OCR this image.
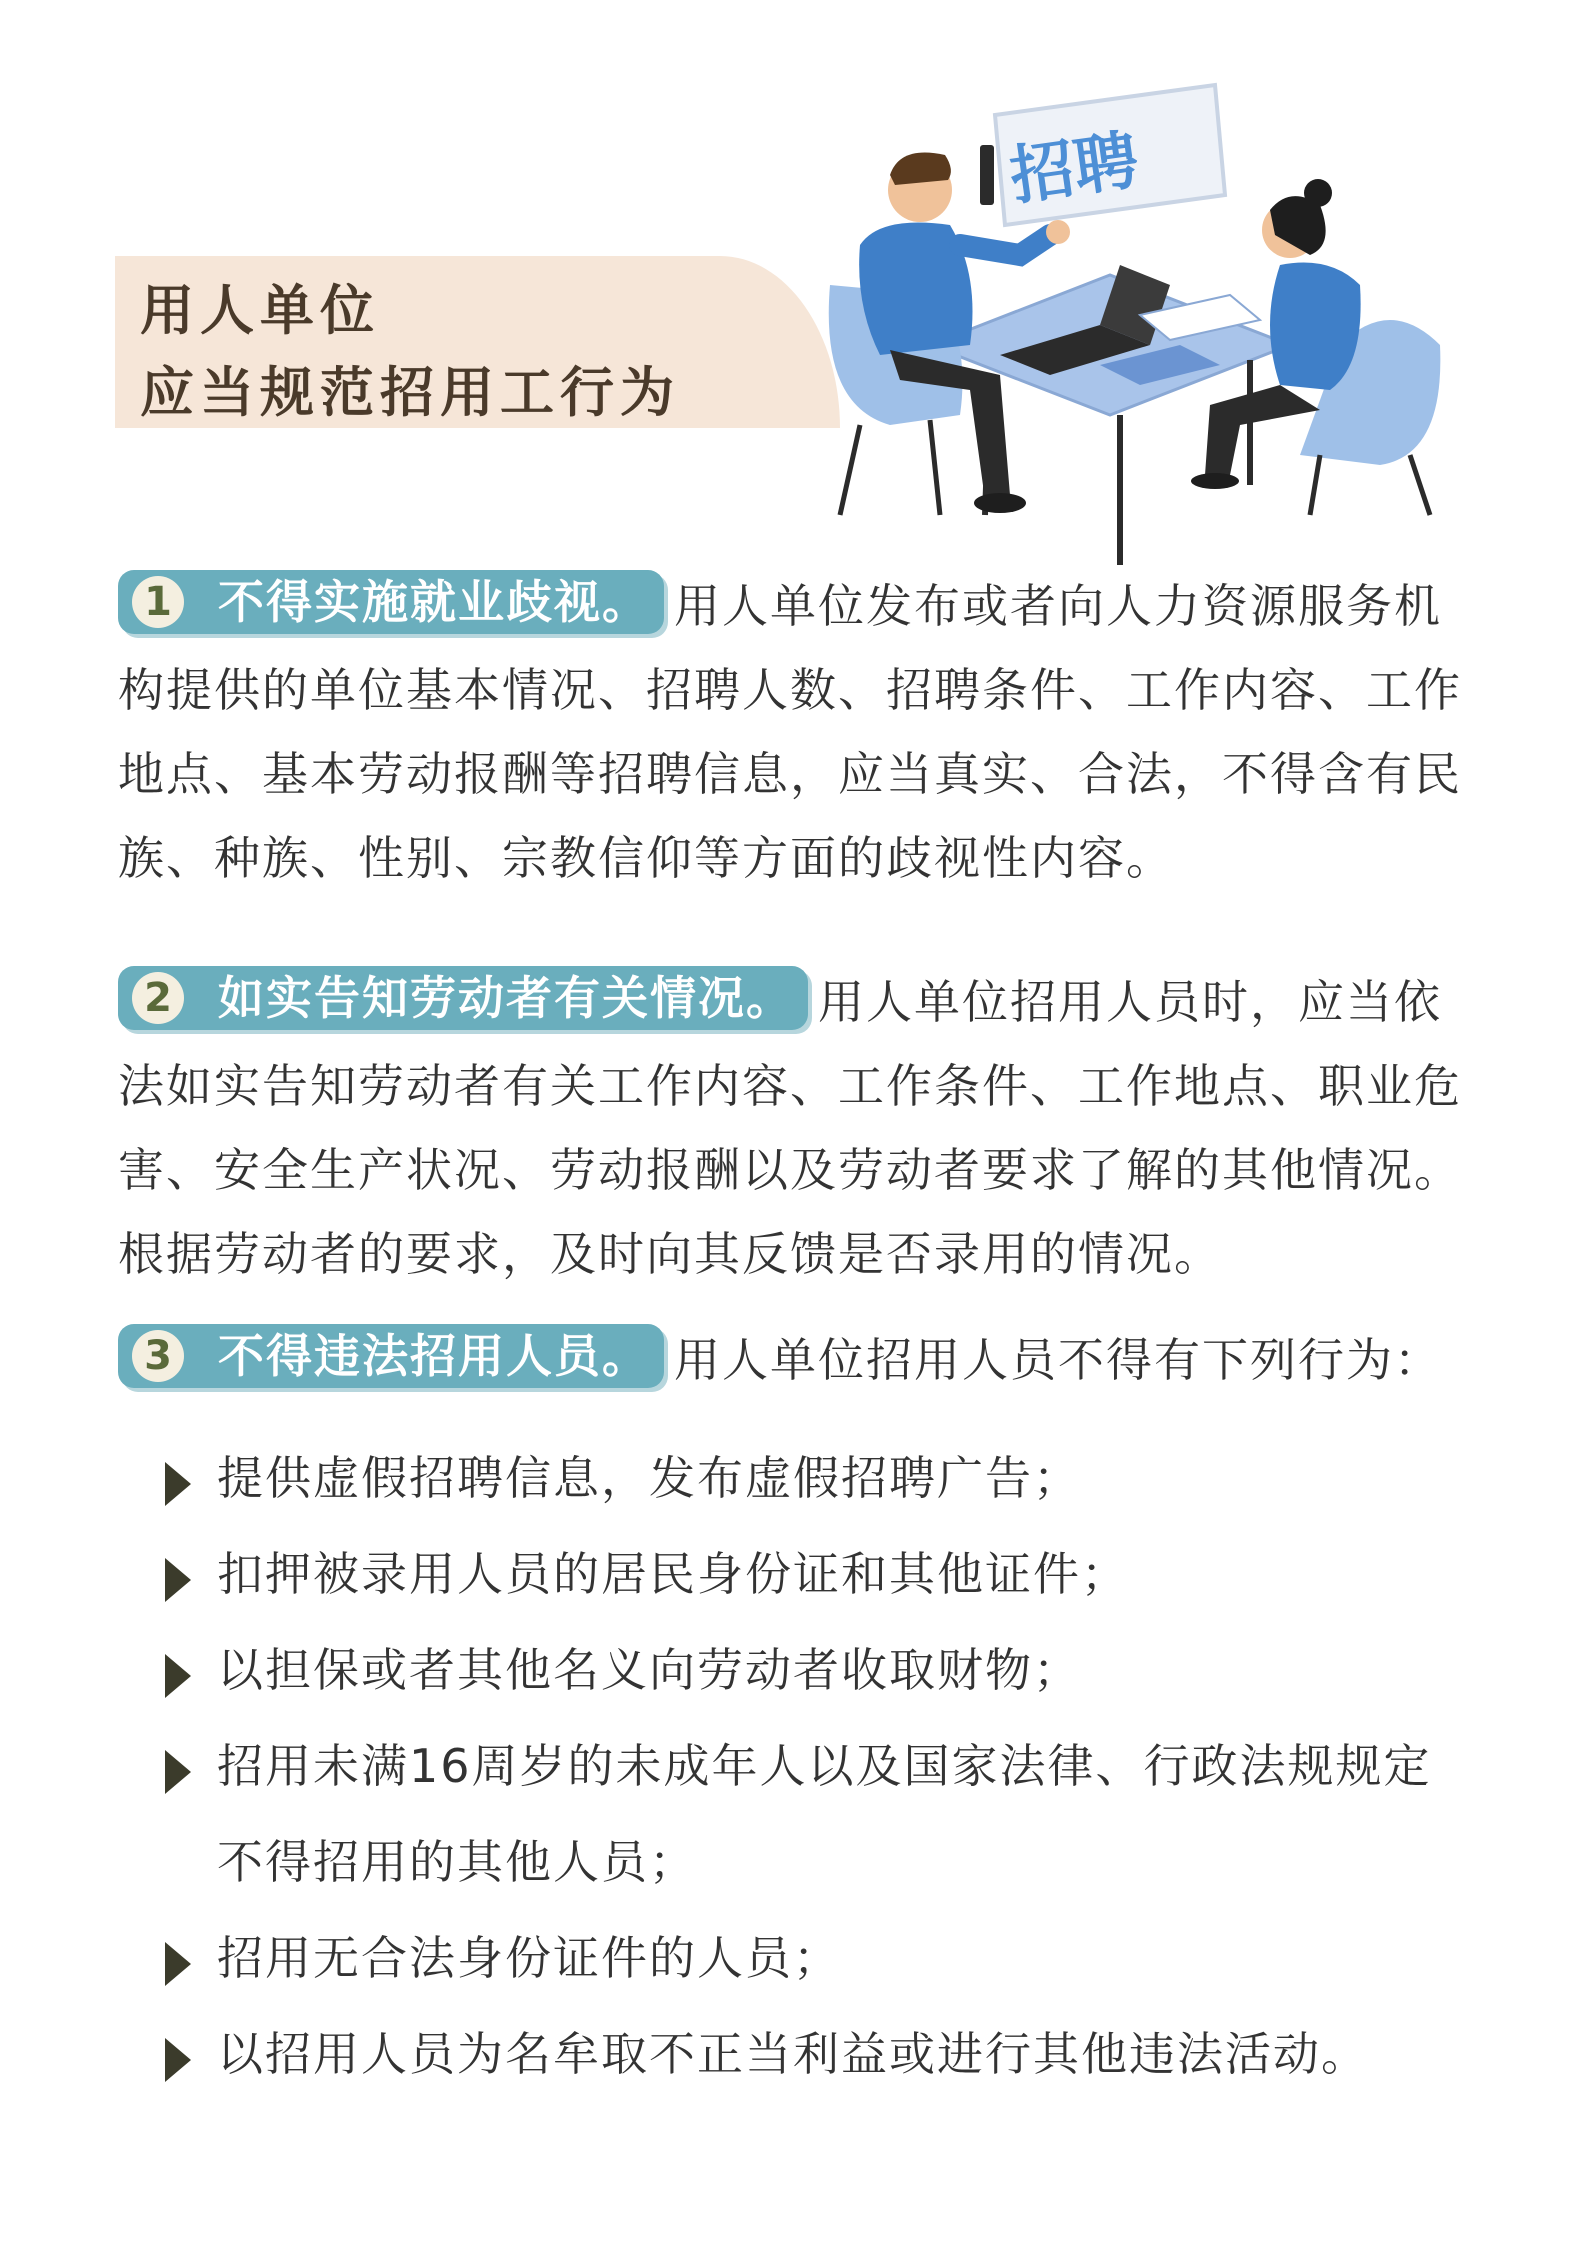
用人单位
应当规范招用工行为
招聘

1 不得实施就业歧视。 用人单位发布或者向人力资源服务机构提供的单位基本情况、招聘人数、招聘条件、工作内容、工作地点、基本劳动报酬等招聘信息，应当真实、合法，不得含有民族、种族、性别、宗教信仰等方面的歧视性内容。

2 如实告知劳动者有关情况。 用人单位招用人员时，应当依法如实告知劳动者有关工作内容、工作条件、工作地点、职业危害、安全生产状况、劳动报酬以及劳动者要求了解的其他情况。根据劳动者的要求，及时向其反馈是否录用的情况。

3 不得违法招用人员。 用人单位招用人员不得有下列行为：

提供虚假招聘信息，发布虚假招聘广告；
扣押被录用人员的居民身份证和其他证件；
以担保或者其他名义向劳动者收取财物；
招用未满16周岁的未成年人以及国家法律、行政法规规定不得招用的其他人员；
招用无合法身份证件的人员；
以招用人员为名牟取不正当利益或进行其他违法活动。
